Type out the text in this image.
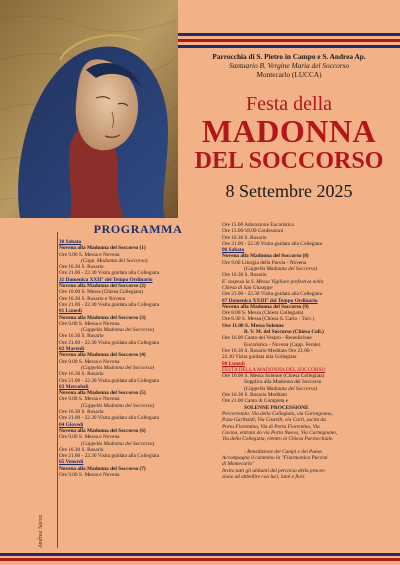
Parrocchia di S. Pietro in Campo e S. Andrea Ap.
Santuario B. Vergine Maria del Soccorso
Montecarlo (LUCCA)
Festa della
MADONNA
DEL SOCCORSO
8 Settembre 2025
PROGRAMMA
Andrea Sacco
30 Sabato
Novena alla Madonna del Soccorso (1)
Ore 9.00 S. Messa e Novena
(Capp. Madonna del Soccorso)
Ore 16.30 S. Rosario
Ore 21.00 - 22.30 Visita guidata alla Collegiata
31 Domenica XXII° del Tempo Ordinario
Novena alla Madonna del Soccorso (2)
Ore 10.00 S. Messa (Chiesa Collegiata)
Ore 16.30 S. Rosario e Novena
Ore 21.00 - 22.30 Visita guidata alla Collegiata
01 Lunedì
Novena alla Madonna del Soccorso (3)
Ore 9.00 S. Messa e Novena
(Cappella Madonna del Soccorso)
Ore 16.30 S. Rosario
Ore 21.00 - 22.30 Visita guidata alla Collegiata
02 Martedì
Novena alla Madonna del Soccorso (4)
Ore 9.00 S. Messa e Novena
(Cappella Madonna del Soccorso)
Ore 16.30 S. Rosario
Ore 21.00 - 22.30 Visita guidata alla Collegiata
03 Mercoledì
Novena alla Madonna del Soccorso (5)
Ore 9.00 S. Messa e Novena
(Cappella Madonna del Soccorso)
Ore 16.30 S. Rosario
Ore 21.00 - 22.30 Visita guidata alla Collegiata
04 Giovedì
Novena alla Madonna del Soccorso (6)
Ore 9.00 S. Messa e Novena
(Cappella Madonna del Soccorso)
Ore 16.30 S. Rosario
Ore 21.00 - 22.30 Visita guidata alla Collegiata
05 Venerdì
Novena alla Madonna del Soccorso (7)
Ore 9.00 S. Messa e Novena
Ore 15.00 Adorazione Eucaristica
Ore 15.00/18.00 Confessioni
Ore 16.30 S. Rosario
Ore 21.00 - 22.30 Visita guidata alla Collegiata
06 Sabato
Novena alla Madonna del Soccorso (8)
Ore 9.00 Liturgia della Parola - Novena
(Cappella Madonna del Soccorso)
Ore 16.30 S. Rosario
E' sospesa la S. Messa Vigiliare prefestiva nella
Chiesa di San Giuseppe
Ore 21.00 - 22.30 Visita guidata alla Collegiata
07 Domenica XXIII° del Tempo Ordinario
Novena alla Madonna del Soccorso (9)
Ore 8.00 S. Messa (Chiesa Collegiata)
Ore 8.30 S. Messa (Chiesa S. Carlo - Turc.)
Ore 11.00 S. Messa Solenne
B. V. M. del Soccorso (Chiesa Coll.)
Ore 16.00 Canto del Vespro - Benedizione
Eucaristica - Novena (Capp. Ferale)
Ore 16.30 S. Rosario Meditato Ore 21.00 -
22.30 Visita guidata alla Collegiata
08 Lunedì
FESTA DELLA MADONNA DEL SOCCORSO
Ore 10.00 S. Messa Solenne (Chiesa Collegiata)
Supplica alla Madonna del Soccorso
(Cappella Madonna del Soccorso)
Ore 16.30 S. Rosario Meditato
Ore 21.00 Canto di Compieta e
SOLENNE PROCESSIONE
Percorrendo: Via della Collegiata, via Carmignano,
P.zza Garibaldi, Via Castelli, via Carli, uscita da
Porta Fiorentina, Via di Porta Fiorentina, Via
Cavina, entrata da via Porta Nuova, Via Carmignano,
Via della Collegiata, rientro in Chiesa Parrocchiale.

- Benedizione dei Campi e del Paese.
Accompagna il cammino la "Filarmonica Puccini
di Montecarlo"
Invito tutti gli abitanti del percorso della proces-
sione ad abbellire con luci, lumi e fiori.
